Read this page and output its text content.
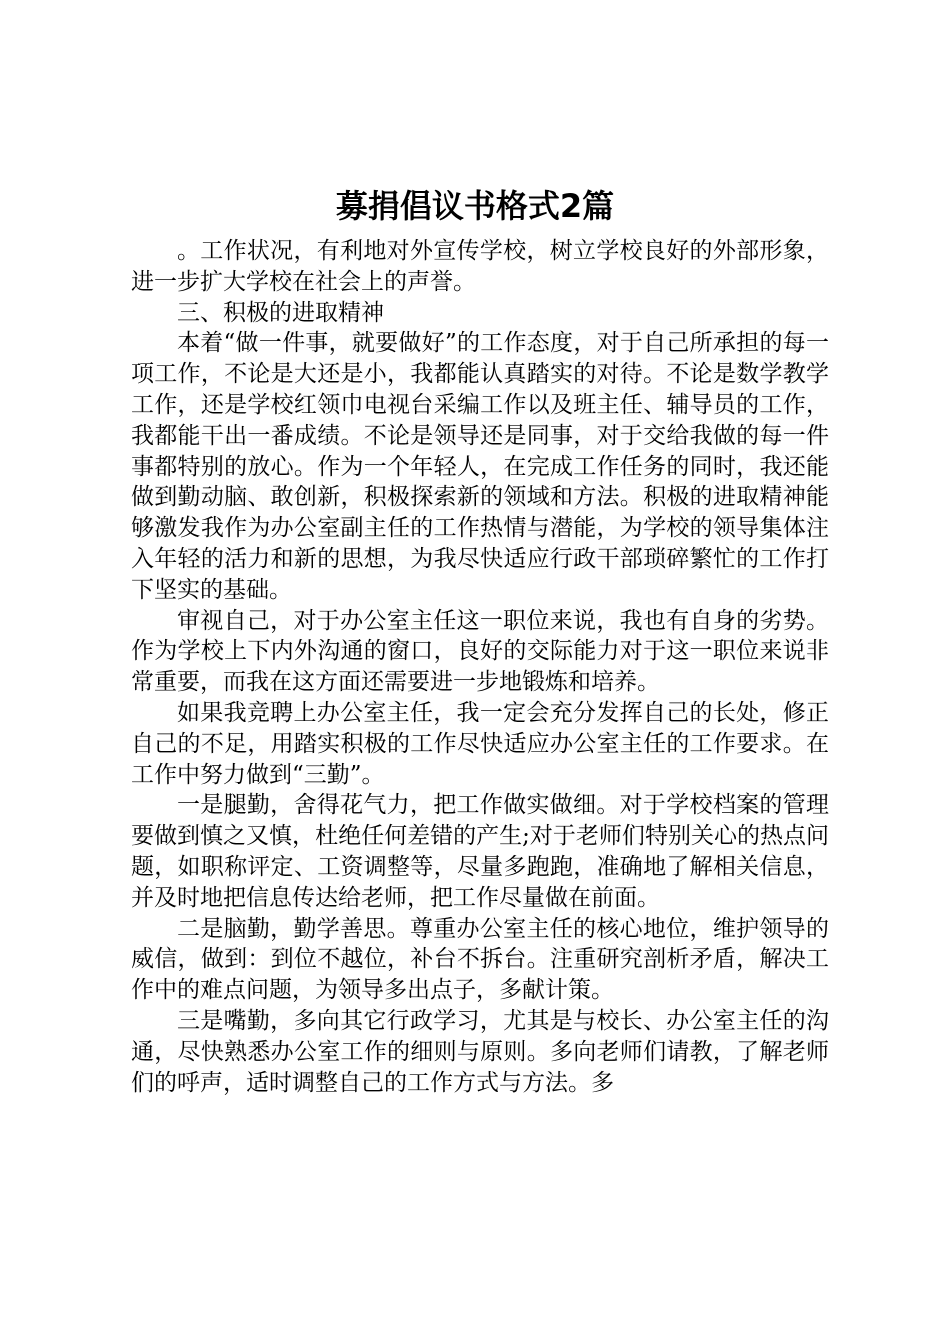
募捐倡议书格式2篇

。工作状况，有利地对外宣传学校，树立学校良好的外部形象，进一步扩大学校在社会上的声誉。

三、积极的进取精神

本着“做一件事，就要做好”的工作态度，对于自己所承担的每一项工作，不论是大还是小，我都能认真踏实的对待。不论是数学教学工作，还是学校红领巾电视台采编工作以及班主任、辅导员的工作，我都能干出一番成绩。不论是领导还是同事，对于交给我做的每一件事都特别的放心。作为一个年轻人，在完成工作任务的同时，我还能做到勤动脑、敢创新，积极探索新的领域和方法。积极的进取精神能够激发我作为办公室副主任的工作热情与潜能，为学校的领导集体注入年轻的活力和新的思想，为我尽快适应行政干部琐碎繁忙的工作打下坚实的基础。

审视自己，对于办公室主任这一职位来说，我也有自身的劣势。作为学校上下内外沟通的窗口，良好的交际能力对于这一职位来说非常重要，而我在这方面还需要进一步地锻炼和培养。

如果我竞聘上办公室主任，我一定会充分发挥自己的长处，修正自己的不足，用踏实积极的工作尽快适应办公室主任的工作要求。在工作中努力做到“三勤”。

一是腿勤，舍得花气力，把工作做实做细。对于学校档案的管理要做到慎之又慎，杜绝任何差错的产生;对于老师们特别关心的热点问题，如职称评定、工资调整等，尽量多跑跑，准确地了解相关信息，并及时地把信息传达给老师，把工作尽量做在前面。

二是脑勤，勤学善思。尊重办公室主任的核心地位，维护领导的威信，做到：到位不越位，补台不拆台。注重研究剖析矛盾，解决工作中的难点问题，为领导多出点子，多献计策。

三是嘴勤，多向其它行政学习，尤其是与校长、办公室主任的沟通，尽快熟悉办公室工作的细则与原则。多向老师们请教，了解老师们的呼声，适时调整自己的工作方式与方法。多
